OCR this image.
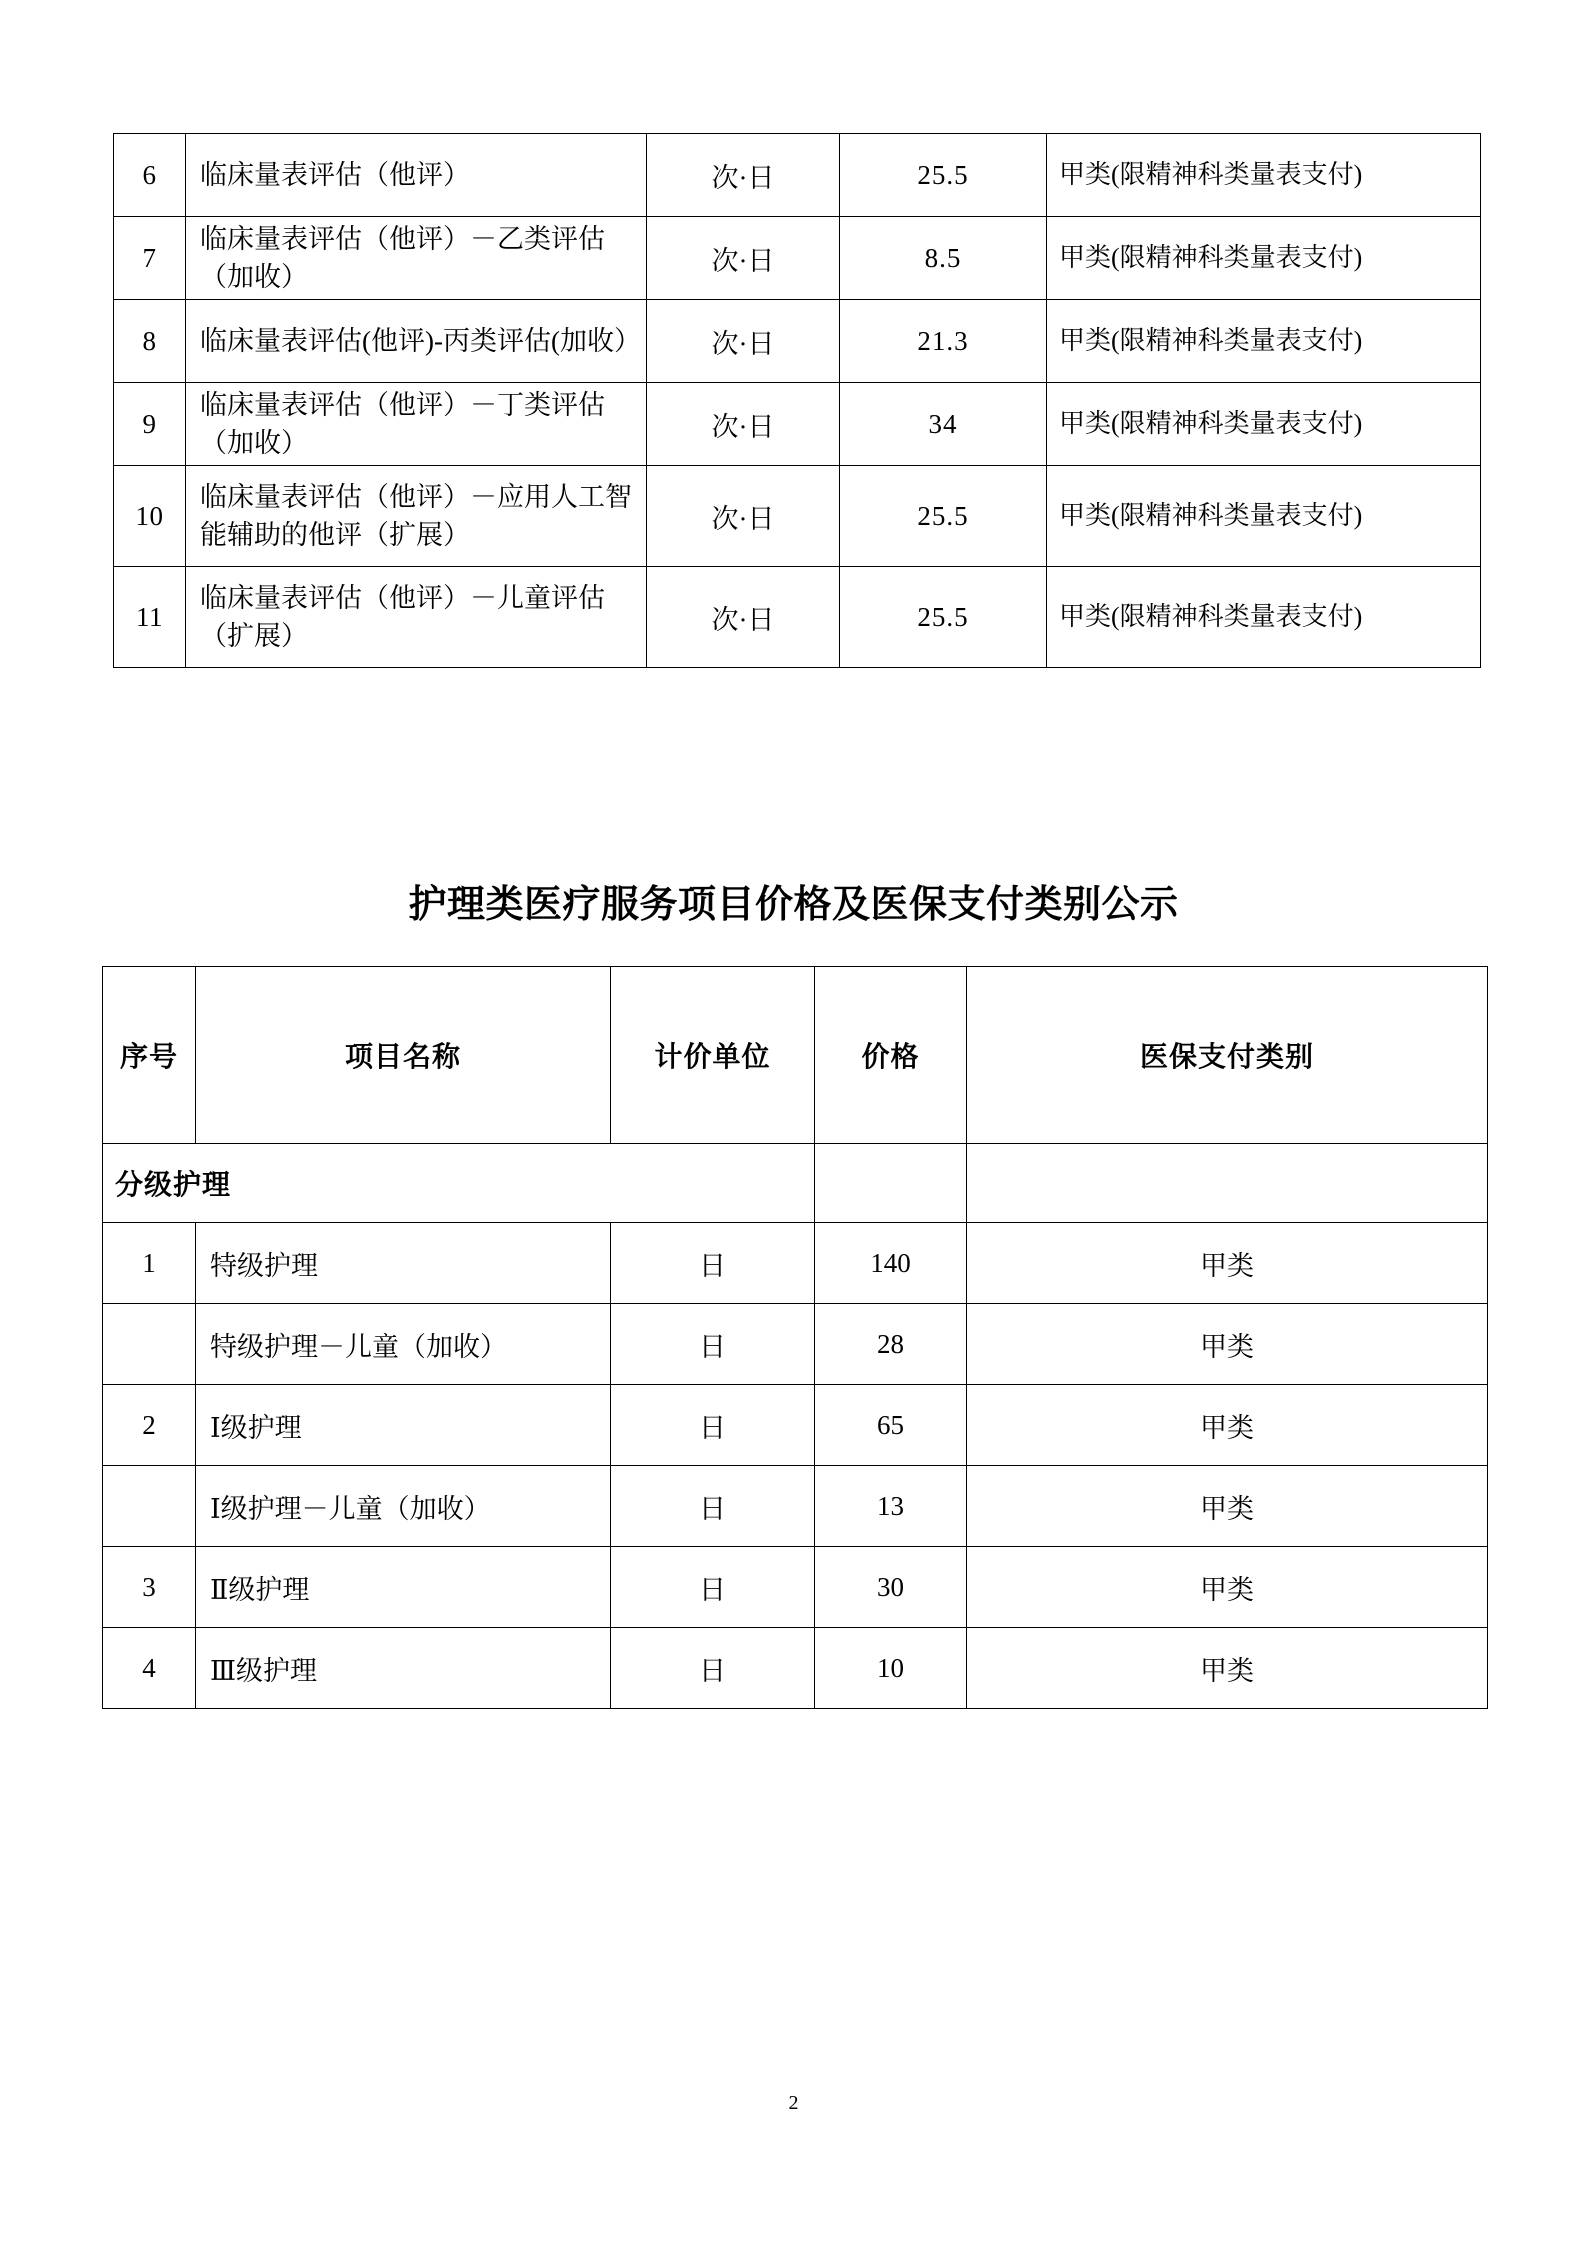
6	临床量表评估（他评）	次·日	25.5	甲类(限精神科类量表支付)
7	临床量表评估（他评）－乙类评估（加收）	次·日	8.5	甲类(限精神科类量表支付)
8	临床量表评估(他评)-丙类评估(加收）	次·日	21.3	甲类(限精神科类量表支付)
9	临床量表评估（他评）－丁类评估（加收）	次·日	34	甲类(限精神科类量表支付)
10	临床量表评估（他评）－应用人工智能辅助的他评（扩展）	次·日	25.5	甲类(限精神科类量表支付)
11	临床量表评估（他评）－儿童评估（扩展）	次·日	25.5	甲类(限精神科类量表支付)
护理类医疗服务项目价格及医保支付类别公示
序号	项目名称	计价单位	价格	医保支付类别
分级护理				
1	特级护理	日	140	甲类
	特级护理－儿童（加收）	日	28	甲类
2	Ⅰ级护理	日	65	甲类
	Ⅰ级护理－儿童（加收）	日	13	甲类
3	Ⅱ级护理	日	30	甲类
4	Ⅲ级护理	日	10	甲类
2
